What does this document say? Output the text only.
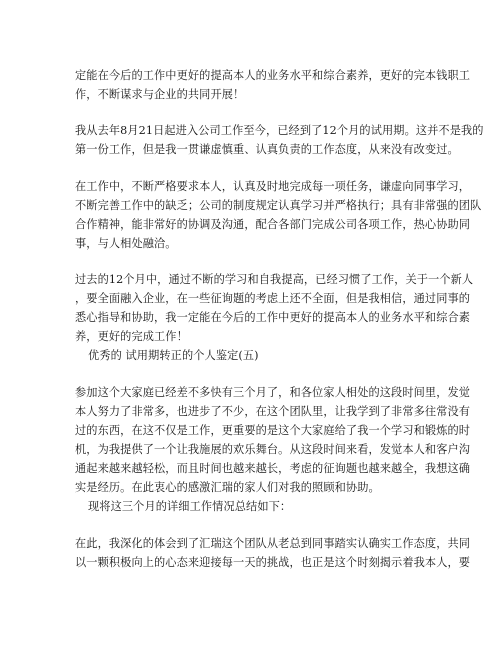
定能在今后的工作中更好的提高本人的业务水平和综合素养，更好的完本钱职工
作，不断谋求与企业的共同开展！
我从去年8月21日起进入公司工作至今，已经到了12个月的试用期。这并不是我的
第一份工作，但是我一贯谦虚慎重、认真负责的工作态度，从来没有改变过。
在工作中，不断严格要求本人，认真及时地完成每一项任务，谦虚向同事学习，
不断完善工作中的缺乏；公司的制度规定认真学习并严格执行；具有非常强的团队
合作精神，能非常好的协调及沟通，配合各部门完成公司各项工作，热心协助同
事，与人相处融洽。
过去的12个月中，通过不断的学习和自我提高，已经习惯了工作，关于一个新人
，要全面融入企业，在一些征询题的考虑上还不全面，但是我相信，通过同事的
悉心指导和协助，我一定能在今后的工作中更好的提高本人的业务水平和综合素
养，更好的完成工作！
优秀的 试用期转正的个人鉴定(五)
参加这个大家庭已经差不多快有三个月了，和各位家人相处的这段时间里，发觉
本人努力了非常多，也进步了不少，在这个团队里，让我学到了非常多往常没有
过的东西，在这不仅是工作，更重要的是这个大家庭给了我一个学习和锻炼的时
机，为我提供了一个让我施展的欢乐舞台。从这段时间来看，发觉本人和客户沟
通起来越来越轻松，而且时间也越来越长，考虑的征询题也越来越全，我想这确
实是经历。在此衷心的感激汇瑞的家人们对我的照顾和协助。
现将这三个月的详细工作情况总结如下：
在此，我深化的体会到了汇瑞这个团队从老总到同事踏实认确实工作态度，共同
以一颗积极向上的心态来迎接每一天的挑战，也正是这个时刻揭示着我本人，要
